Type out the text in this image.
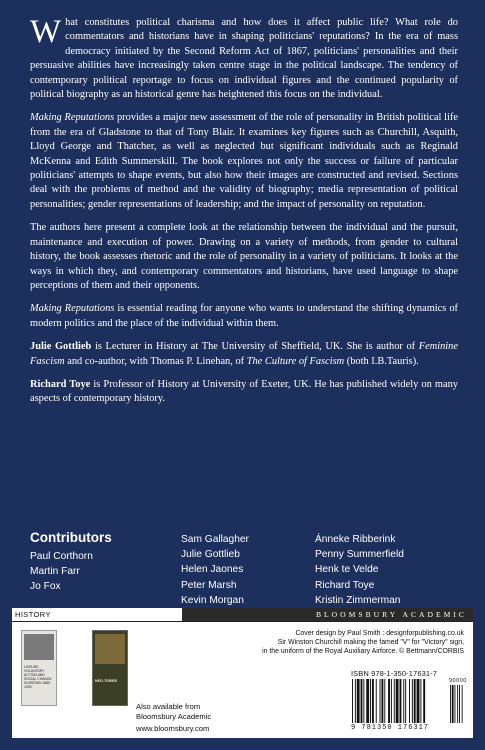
What constitutes political charisma and how does it affect public life? What role do commentators and historians have in shaping politicians' reputations? In the era of mass democracy initiated by the Second Reform Act of 1867, politicians' personalities and their persuasive abilities have increasingly taken centre stage in the political landscape. The tendency of contemporary political reportage to focus on individual figures and the continued popularity of political biography as an historical genre has heightened this focus on the individual.

Making Reputations provides a major new assessment of the role of personality in British political life from the era of Gladstone to that of Tony Blair. It examines key figures such as Churchill, Asquith, Lloyd George and Thatcher, as well as neglected but significant individuals such as Reginald McKenna and Edith Summerskill. The book explores not only the success or failure of particular politicians' attempts to shape events, but also how their images are constructed and revised. Sections deal with the problems of method and the validity of biography; media representation of political personalities; gender representations of leadership; and the impact of personality on reputation.

The authors here present a complete look at the relationship between the individual and the pursuit, maintenance and execution of power. Drawing on a variety of methods, from gender to cultural history, the book assesses rhetoric and the role of personality in a variety of politicians. It looks at the ways in which they, and contemporary commentators and historians, have used language to shape perceptions of them and their opponents.

Making Reputations is essential reading for anyone who wants to understand the shifting dynamics of modern politics and the place of the individual within them.

Julie Gottlieb is Lecturer in History at The University of Sheffield, UK. She is author of Feminine Fascism and co-author, with Thomas P. Linehan, of The Culture of Fascism (both I.B.Tauris).

Richard Toye is Professor of History at University of Exeter, UK. He has published widely on many aspects of contemporary history.

Contributors
Paul Corthorn
Martin Farr
Jo Fox
Sam Gallagher
Julie Gottlieb
Helen Jaones
Peter Marsh
Kevin Morgan
Ánneke Ribberink
Penny Summerfield
Henk te Velde
Richard Toye
Kristin Zimmerman
HISTORY	BLOOMSBURY ACADEMIC
LEISURE, VOLUNTARY ACTION AND SOCIAL CHANGE IN BRITAIN 1880-1939
NEO-TORIES
Also available from
Bloomsbury Academic
www.bloomsbury.com
Cover design by Paul Smith : designforpublishing.co.uk
Sir Winston Churchill making the famed "V" for "Victory" sign,
in the uniform of the Royal Auxiliary Airforce. © Bettmann/CORBIS
ISBN 978-1-350-17631-7
90000
9 781350 176317
